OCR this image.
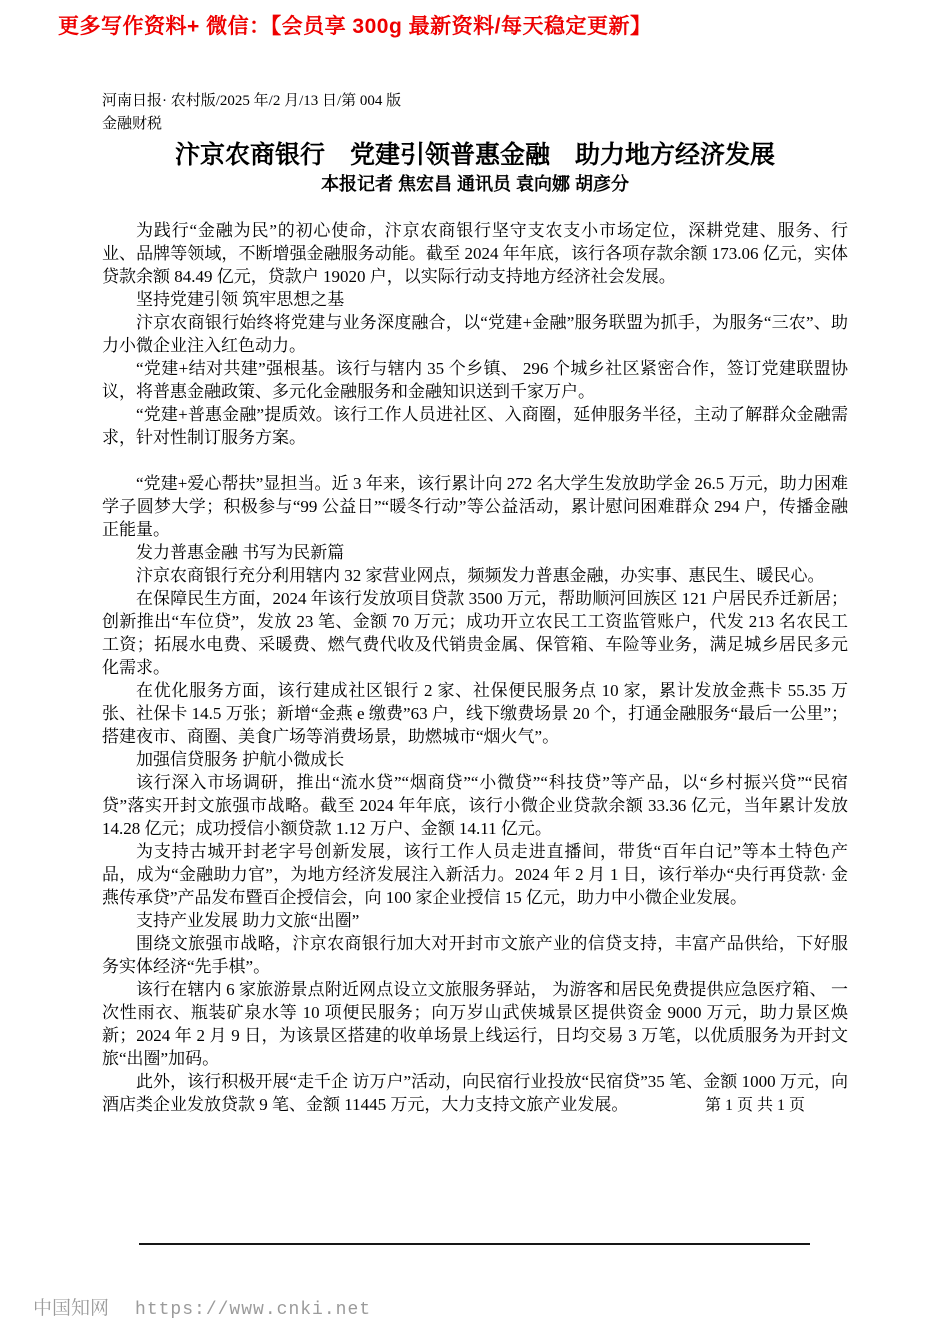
更多写作资料+ 微信：【会员享 300g 最新资料/每天稳定更新】
河南日报· 农村版/2025 年/2 月/13 日/第 004 版
金融财税
汴京农商银行　党建引领普惠金融　助力地方经济发展
本报记者 焦宏昌 通讯员 袁向娜 胡彦分
为践行“金融为民”的初心使命，汴京农商银行坚守支农支小市场定位，深耕党建、服务、行业、品牌等领域，不断增强金融服务动能。截至 2024 年年底，该行各项存款余额 173.06 亿元，实体贷款余额 84.49 亿元，贷款户 19020 户，以实际行动支持地方经济社会发展。
坚持党建引领 筑牢思想之基
汴京农商银行始终将党建与业务深度融合，以“党建+金融”服务联盟为抓手，为服务“三农”、助力小微企业注入红色动力。
“党建+结对共建”强根基。该行与辖内 35 个乡镇、 296 个城乡社区紧密合作，签订党建联盟协议，将普惠金融政策、多元化金融服务和金融知识送到千家万户。
“党建+普惠金融”提质效。该行工作人员进社区、入商圈，延伸服务半径，主动了解群众金融需求，针对性制订服务方案。
“党建+爱心帮扶”显担当。近 3 年来，该行累计向 272 名大学生发放助学金 26.5 万元，助力困难学子圆梦大学；积极参与“99 公益日”“暖冬行动”等公益活动，累计慰问困难群众 294 户，传播金融正能量。
发力普惠金融 书写为民新篇
汴京农商银行充分利用辖内 32 家营业网点，频频发力普惠金融，办实事、惠民生、暖民心。
在保障民生方面，2024 年该行发放项目贷款 3500 万元，帮助顺河回族区 121 户居民乔迁新居；创新推出“车位贷”，发放 23 笔、金额 70 万元；成功开立农民工工资监管账户，代发 213 名农民工工资；拓展水电费、采暖费、燃气费代收及代销贵金属、保管箱、车险等业务，满足城乡居民多元化需求。
在优化服务方面，该行建成社区银行 2 家、社保便民服务点 10 家，累计发放金燕卡 55.35 万张、社保卡 14.5 万张；新增“金燕 e 缴费”63 户，线下缴费场景 20 个，打通金融服务“最后一公里”；搭建夜市、商圈、美食广场等消费场景，助燃城市“烟火气”。
加强信贷服务 护航小微成长
该行深入市场调研，推出“流水贷”“烟商贷”“小微贷”“科技贷”等产品，以“乡村振兴贷”“民宿贷”落实开封文旅强市战略。截至 2024 年年底，该行小微企业贷款余额 33.36 亿元，当年累计发放 14.28 亿元；成功授信小额贷款 1.12 万户、金额 14.11 亿元。
为支持古城开封老字号创新发展，该行工作人员走进直播间，带货“百年白记”等本土特色产品，成为“金融助力官”，为地方经济发展注入新活力。2024 年 2 月 1 日，该行举办“央行再贷款· 金燕传承贷”产品发布暨百企授信会，向 100 家企业授信 15 亿元，助力中小微企业发展。
支持产业发展 助力文旅“出圈”
围绕文旅强市战略，汴京农商银行加大对开封市文旅产业的信贷支持，丰富产品供给，下好服务实体经济“先手棋”。
该行在辖内 6 家旅游景点附近网点设立文旅服务驿站， 为游客和居民免费提供应急医疗箱、 一次性雨衣、瓶装矿泉水等 10 项便民服务；向万岁山武侠城景区提供资金 9000 万元，助力景区焕新；2024 年 2 月 9 日，为该景区搭建的收单场景上线运行，日均交易 3 万笔，以优质服务为开封文旅“出圈”加码。
此外，该行积极开展“走千企 访万户”活动，向民宿行业投放“民宿贷”35 笔、金额 1000 万元，向酒店类企业发放贷款 9 笔、金额 11445 万元，大力支持文旅产业发展。	第 1 页 共 1 页
中国知网 https://www.cnki.net
